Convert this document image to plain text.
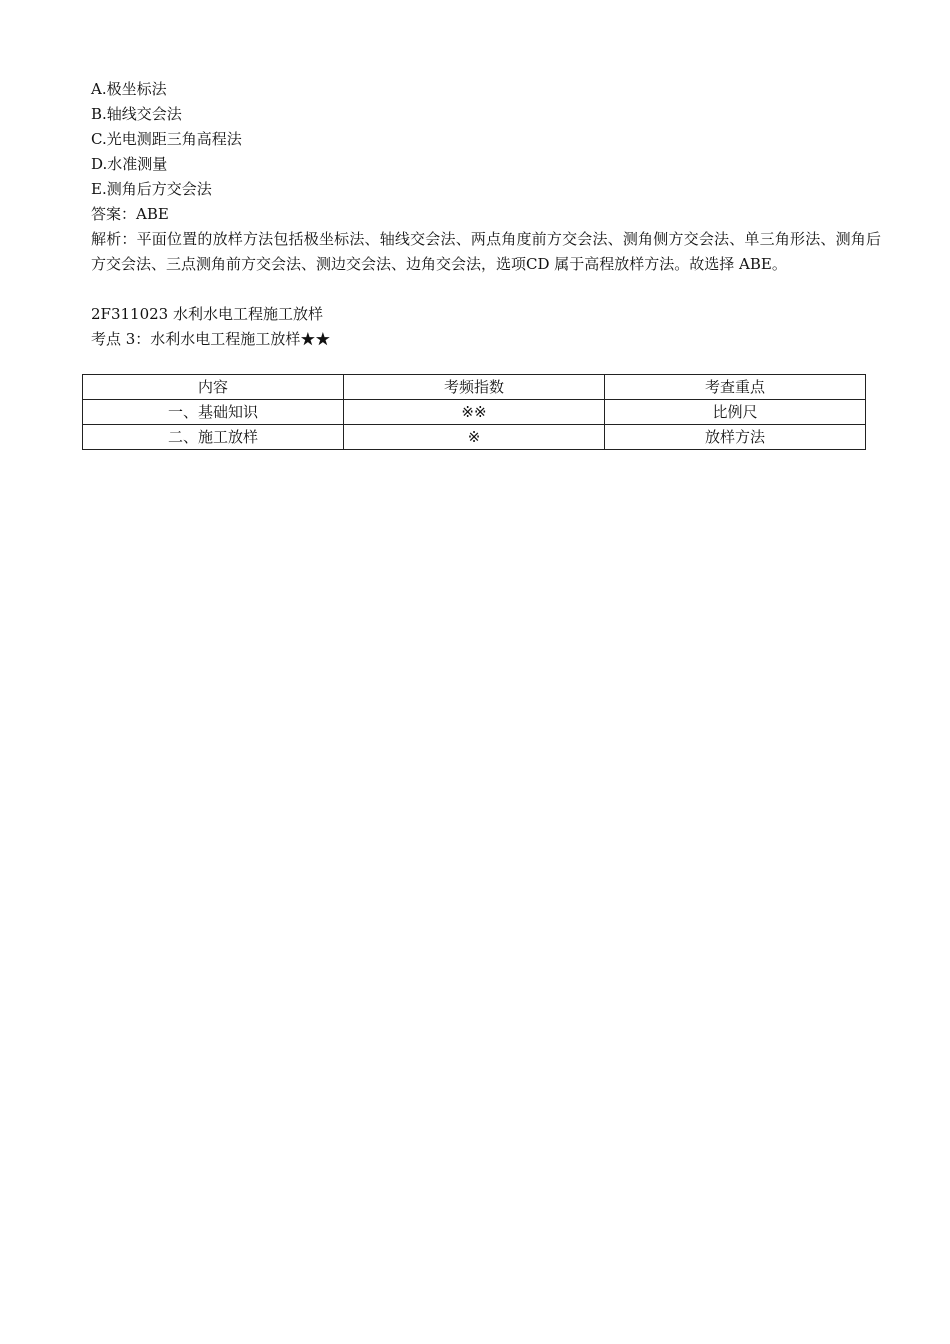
A.极坐标法
B.轴线交会法
C.光电测距三角高程法
D.水准测量
E.测角后方交会法
答案：ABE
解析：平面位置的放样方法包括极坐标法、轴线交会法、两点角度前方交会法、测角侧方交会法、单三角形法、测角后方交会法、三点测角前方交会法、测边交会法、边角交会法，选项CD 属于高程放样方法。故选择 ABE。
2F311023 水利水电工程施工放样
考点 3：水利水电工程施工放样★★
内容	考频指数	考查重点
一、基础知识	※※	比例尺
二、施工放样	※	放样方法
